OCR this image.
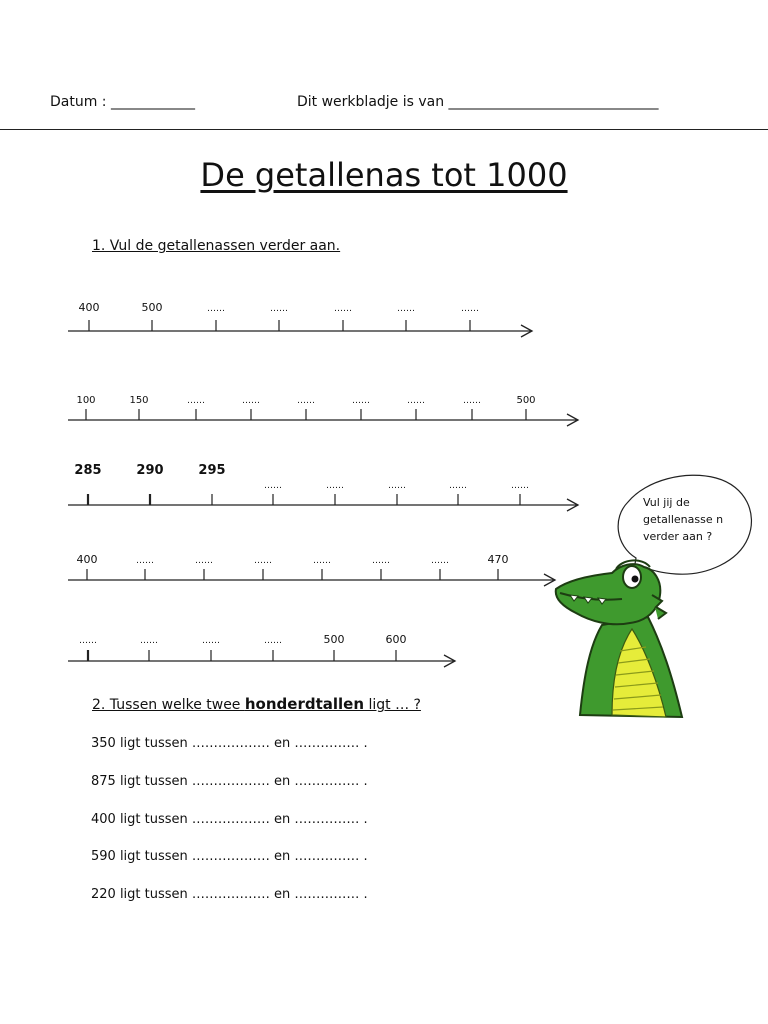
Datum : ____________	Dit werkbladje is van ______________________________
De getallenas tot 1000
1. Vul de getallenassen verder aan.
400	500	……	……	……	……	……
100	150	……	……	……	……	……	……	500
285	290	295
……	……	……	……	……
400	……	……	……	……	……	……	470
……	……	……	……	500	600
Vul jij de getallenasse n verder aan ?
2. Tussen welke twee honderdtallen ligt … ?
350 ligt tussen ……………… en …………… .
875 ligt tussen ……………… en …………… .
400 ligt tussen ……………… en …………… .
590 ligt tussen ……………… en …………… .
220 ligt tussen ……………… en …………… .
